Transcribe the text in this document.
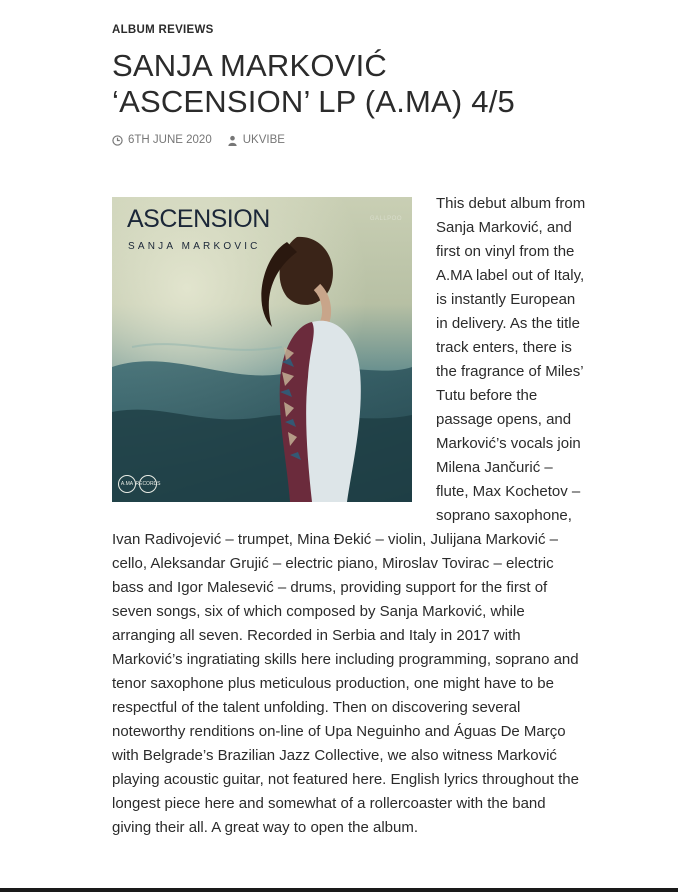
ALBUM REVIEWS
SANJA MARKOVIĆ
‘ASCENSION’ LP (A.MA) 4/5
6TH JUNE 2020	UKVIBE
ASCENSION
SANJA MARKOVIC
GALLPOO
A.MA RECORDS

This debut album from Sanja Marković, and first on vinyl from the A.MA label out of Italy, is instantly European in delivery. As the title track enters, there is the fragrance of Miles’ Tutu before the passage opens, and Marković’s vocals join Milena Jančurić – flute, Max Kochetov – soprano saxophone, Ivan Radivojević – trumpet, Mina Đekić – violin, Julijana Marković – cello, Aleksandar Grujić – electric piano, Miroslav Tovirac – electric bass and Igor Malesević – drums, providing support for the first of seven songs, six of which composed by Sanja Marković, while arranging all seven. Recorded in Serbia and Italy in 2017 with Marković’s ingratiating skills here including programming, soprano and tenor saxophone plus meticulous production, one might have to be respectful of the talent unfolding. Then on discovering several noteworthy renditions on-line of Upa Neguinho and Águas De Março with Belgrade’s Brazilian Jazz Collective, we also witness Marković playing acoustic guitar, not featured here. English lyrics throughout the longest piece here and somewhat of a rollercoaster with the band giving their all. A great way to open the album.
